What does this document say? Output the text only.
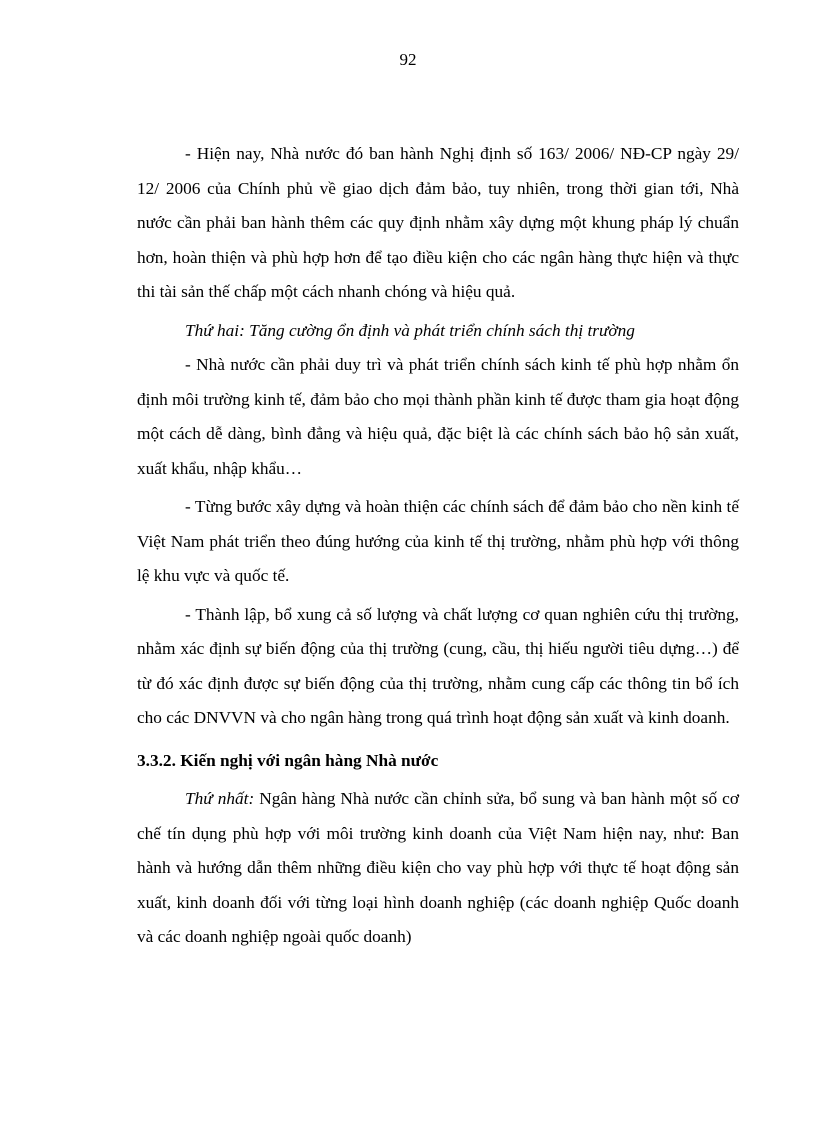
92

- Hiện nay, Nhà nước đó ban hành Nghị định số 163/ 2006/ NĐ-CP ngày 29/ 12/ 2006 của Chính phủ về giao dịch đảm bảo, tuy nhiên, trong thời gian tới, Nhà nước cần phải ban hành thêm các quy định nhằm xây dựng một khung pháp lý chuẩn hơn, hoàn thiện và phù hợp hơn để tạo điều kiện cho các ngân hàng thực hiện và thực thi tài sản thế chấp một cách nhanh chóng và hiệu quả.

Thứ hai: Tăng cường ổn định và phát triển chính sách thị trường

- Nhà nước cần phải duy trì và phát triển chính sách kinh tế phù hợp nhằm ổn định môi trường kinh tế, đảm bảo cho mọi thành phần kinh tế được tham gia hoạt động một cách dễ dàng, bình đẳng và hiệu quả, đặc biệt là các chính sách bảo hộ sản xuất, xuất khẩu, nhập khẩu…

- Từng bước xây dựng và hoàn thiện các chính sách để đảm bảo cho nền kinh tế Việt Nam phát triển theo đúng hướng của kinh tế thị trường, nhằm phù hợp với thông lệ khu vực và quốc tế.

- Thành lập, bổ xung cả số lượng và chất lượng cơ quan nghiên cứu thị trường, nhằm xác định sự biến động của thị trường (cung, cầu, thị hiếu người tiêu dựng…) để từ đó xác định được sự biến động của thị trường, nhằm cung cấp các thông tin bổ ích cho các DNVVN và cho ngân hàng trong quá trình hoạt động sản xuất và kinh doanh.

3.3.2. Kiến nghị với ngân hàng Nhà nước

Thứ nhất: Ngân hàng Nhà nước cần chỉnh sửa, bổ sung và ban hành một số cơ chế tín dụng phù hợp với môi trường kinh doanh của Việt Nam hiện nay, như: Ban hành và hướng dẫn thêm những điều kiện cho vay phù hợp với thực tế hoạt động sản xuất, kinh doanh đối với từng loại hình doanh nghiệp (các doanh nghiệp Quốc doanh và các doanh nghiệp ngoài quốc doanh)
